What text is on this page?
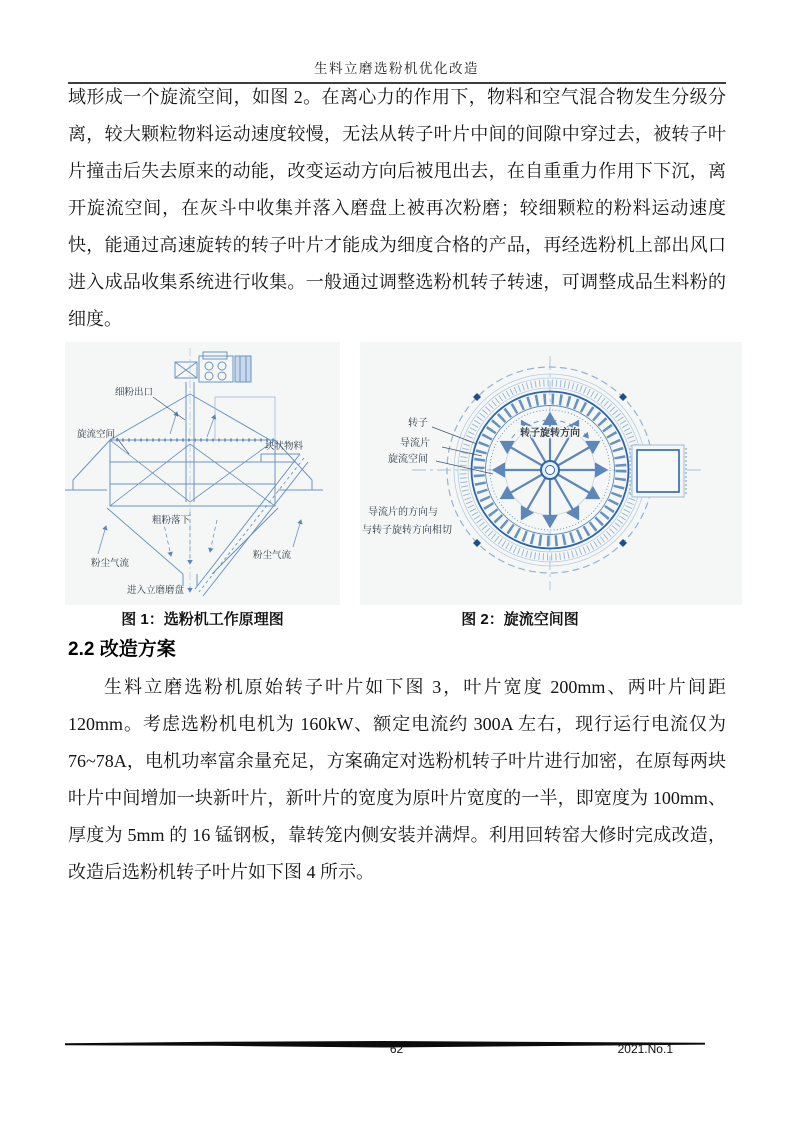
生料立磨选粉机优化改造
域形成一个旋流空间，如图 2。在离心力的作用下，物料和空气混合物发生分级分离，较大颗粒物料运动速度较慢，无法从转子叶片中间的间隙中穿过去，被转子叶片撞击后失去原来的动能，改变运动方向后被甩出去，在自重重力作用下下沉，离开旋流空间，在灰斗中收集并落入磨盘上被再次粉磨；较细颗粒的粉料运动速度快，能通过高速旋转的转子叶片才能成为细度合格的产品，再经选粉机上部出风口进入成品收集系统进行收集。一般通过调整选粉机转子转速，可调整成品生料粉的细度。
细粉出口
旋流空间
块状物料
粗粉落下
粉尘气流
粉尘气流
进入立磨磨盘
转子
导流片
旋流空间
转子旋转方向
导流片的方向与
与转子旋转方向相切
图 1：选粉机工作原理图	图 2：旋流空间图
2.2 改造方案
生料立磨选粉机原始转子叶片如下图 3，叶片宽度 200mm、两叶片间距 120mm。考虑选粉机电机为 160kW、额定电流约 300A 左右，现行运行电流仅为 76~78A，电机功率富余量充足，方案确定对选粉机转子叶片进行加密，在原每两块叶片中间增加一块新叶片，新叶片的宽度为原叶片宽度的一半，即宽度为 100mm、厚度为 5mm 的 16 锰钢板，靠转笼内侧安装并满焊。利用回转窑大修时完成改造，改造后选粉机转子叶片如下图 4 所示。
62	2021.No.1
